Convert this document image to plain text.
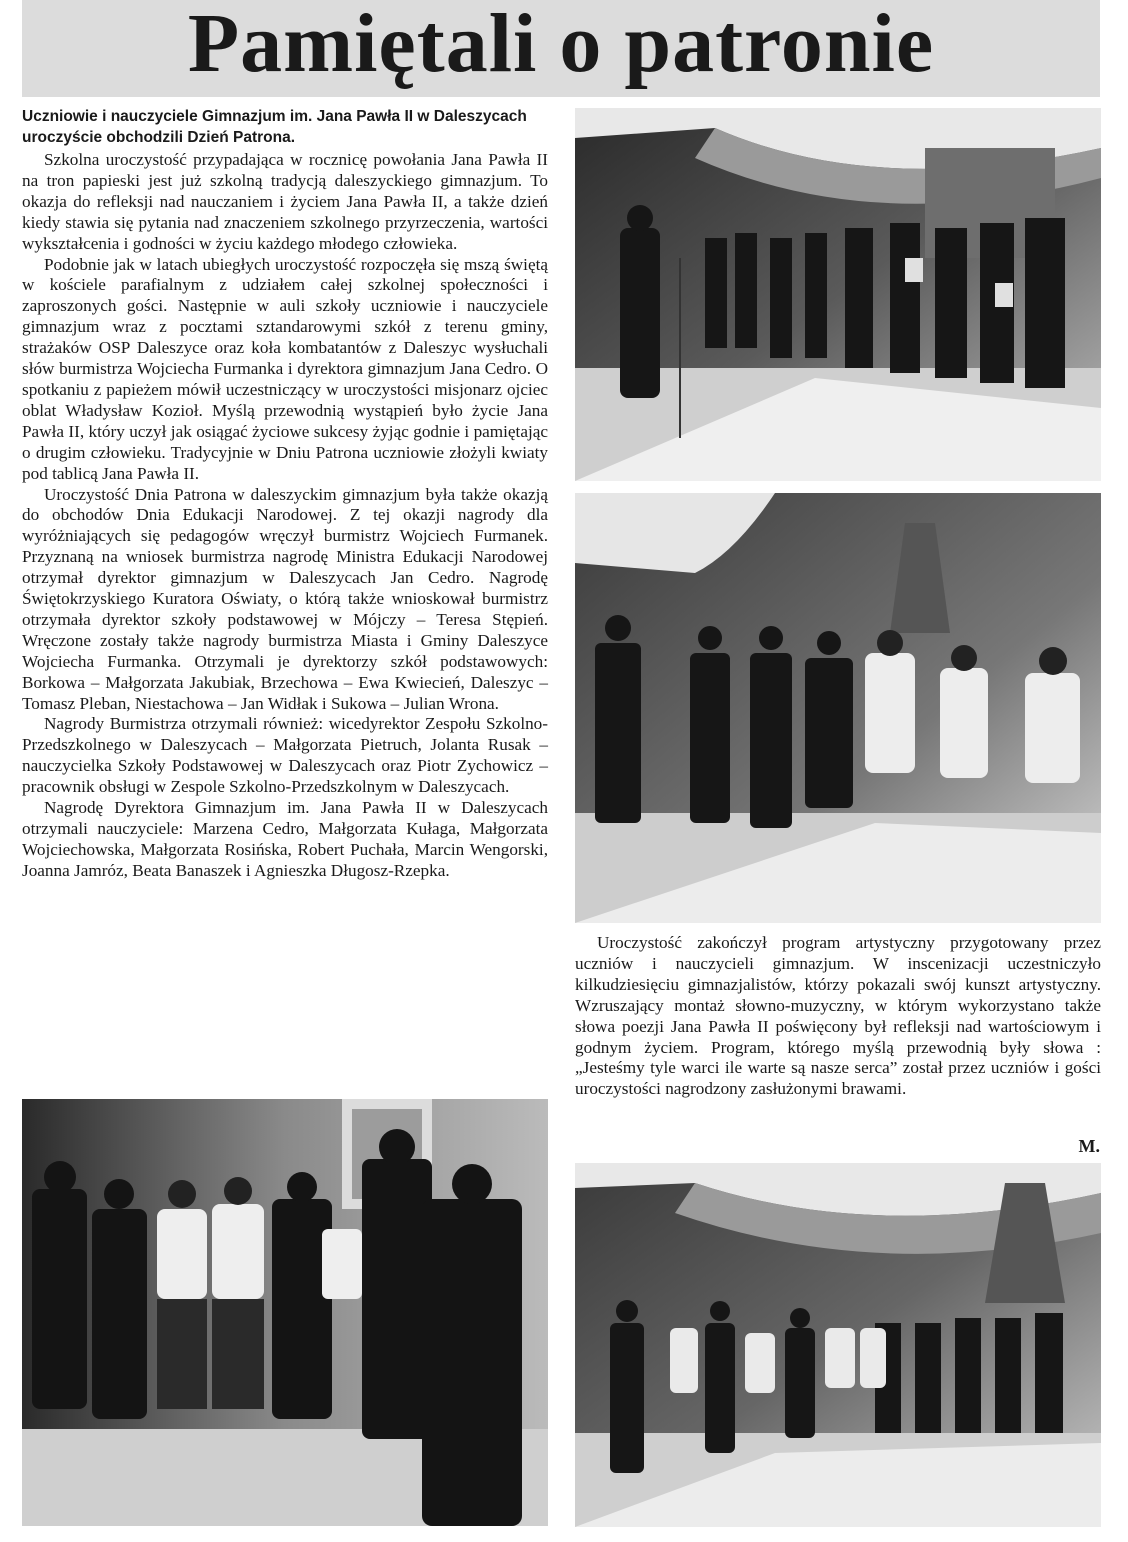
Pamiętali o patronie

Uczniowie i nauczyciele Gimnazjum im. Jana Pawła II w Daleszycach uroczyście obchodzili Dzień Patrona.

Szkolna uroczystość przypadająca w rocznicę powołania Jana Pawła II na tron papieski jest już szkolną tradycją daleszyckiego gimnazjum. To okazja do refleksji nad nauczaniem i życiem Jana Pawła II, a także dzień kiedy stawia się pytania nad znaczeniem szkolnego przyrzeczenia, wartości wykształcenia i godności w życiu każdego młodego człowieka.

Podobnie jak w latach ubiegłych uroczystość rozpoczęła się mszą świętą w kościele parafialnym z udziałem całej szkolnej społeczności i zaproszonych gości. Następnie w auli szkoły uczniowie i nauczyciele gimnazjum wraz z pocztami sztandarowymi szkół z terenu gminy, strażaków OSP Daleszyce oraz koła kombatantów z Daleszyc wysłuchali słów burmistrza Wojciecha Furmanka i dyrektora gimnazjum Jana Cedro. O spotkaniu z papieżem mówił uczestniczący w uroczystości misjonarz ojciec oblat Władysław Kozioł. Myślą przewodnią wystąpień było życie Jana Pawła II, który uczył jak osiągać życiowe sukcesy żyjąc godnie i pamiętając o drugim człowieku. Tradycyjnie w Dniu Patrona uczniowie złożyli kwiaty pod tablicą Jana Pawła II.

Uroczystość Dnia Patrona w daleszyckim gimnazjum była także okazją do obchodów Dnia Edukacji Narodowej. Z tej okazji nagrody dla wyróżniających się pedagogów wręczył burmistrz Wojciech Furmanek. Przyznaną na wniosek burmistrza nagrodę Ministra Edukacji Narodowej otrzymał dyrektor gimnazjum w Daleszycach Jan Cedro. Nagrodę Świętokrzyskiego Kuratora Oświaty, o którą także wnioskował burmistrz otrzymała dyrektor szkoły podstawowej w Mójczy – Teresa Stępień. Wręczone zostały także nagrody burmistrza Miasta i Gminy Daleszyce Wojciecha Furmanka. Otrzymali je dyrektorzy szkół podstawowych: Borkowa – Małgorzata Jakubiak, Brzechowa – Ewa Kwiecień, Daleszyc – Tomasz Pleban, Niestachowa – Jan Widłak i Sukowa – Julian Wrona.

Nagrody Burmistrza otrzymali również: wicedyrektor Zespołu Szkolno-Przedszkolnego w Daleszycach – Małgorzata Pietruch, Jolanta Rusak – nauczycielka Szkoły Podstawowej w Daleszycach oraz Piotr Zychowicz – pracownik obsługi w Zespole Szkolno-Przedszkolnym w Daleszycach.

Nagrodę Dyrektora Gimnazjum im. Jana Pawła II w Daleszycach otrzymali nauczyciele: Marzena Cedro, Małgorzata Kułaga, Małgorzata Wojciechowska, Małgorzata Rosińska, Robert Puchała, Marcin Wengorski, Joanna Jamróz, Beata Banaszek i Agnieszka Długosz-Rzepka.

Uroczystość zakończył program artystyczny przygotowany przez uczniów i nauczycieli gimnazjum. W inscenizacji uczestniczyło kilkudziesięciu gimnazjalistów, którzy pokazali swój kunszt artystyczny. Wzruszający montaż słowno-muzyczny, w którym wykorzystano także słowa poezji Jana Pawła II poświęcony był refleksji nad wartościowym i godnym życiem. Program, którego myślą przewodnią były słowa : „Jesteśmy tyle warci ile warte są nasze serca” został przez uczniów i gości uroczystości nagrodzony zasłużonymi brawami.

M.
